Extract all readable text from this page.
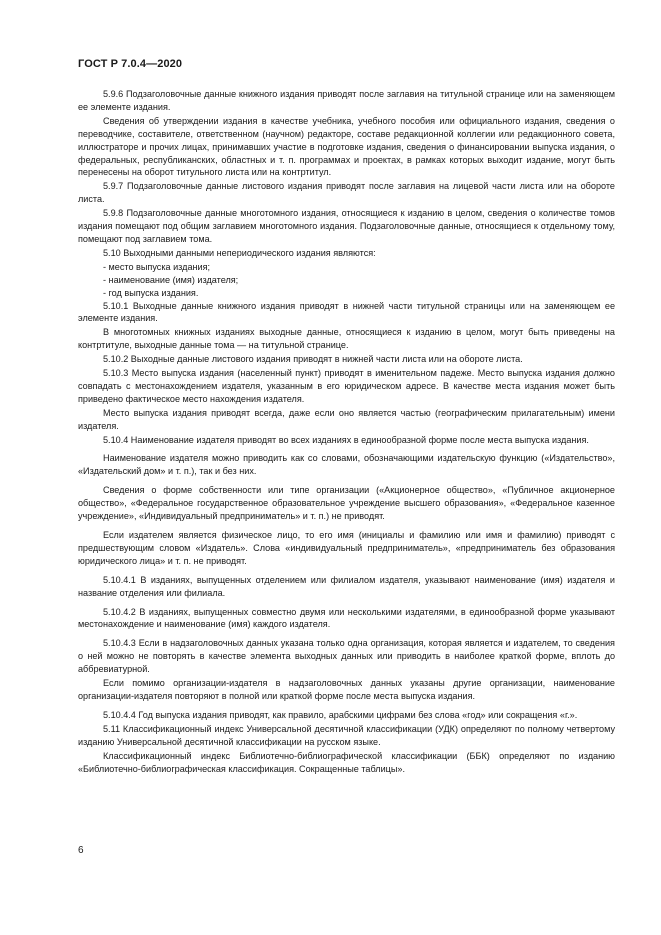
ГОСТ Р 7.0.4—2020

5.9.6 Подзаголовочные данные книжного издания приводят после заглавия на титульной странице или на заменяющем ее элементе издания.

Сведения об утверждении издания в качестве учебника, учебного пособия или официального издания, сведения о переводчике, составителе, ответственном (научном) редакторе, составе редакционной коллегии или редакционного совета, иллюстраторе и прочих лицах, принимавших участие в подготовке издания, сведения о финансировании выпуска издания, о федеральных, республиканских, областных и т. п. программах и проектах, в рамках которых выходит издание, могут быть перенесены на оборот титульного листа или на контртитул.

5.9.7 Подзаголовочные данные листового издания приводят после заглавия на лицевой части листа или на обороте листа.

5.9.8 Подзаголовочные данные многотомного издания, относящиеся к изданию в целом, сведения о количестве томов издания помещают под общим заглавием многотомного издания. Подзаголовочные данные, относящиеся к отдельному тому, помещают под заглавием тома.

5.10 Выходными данными непериодического издания являются:

- место выпуска издания;

- наименование (имя) издателя;

- год выпуска издания.

5.10.1 Выходные данные книжного издания приводят в нижней части титульной страницы или на заменяющем ее элементе издания.

В многотомных книжных изданиях выходные данные, относящиеся к изданию в целом, могут быть приведены на контртитуле, выходные данные тома — на титульной странице.

5.10.2 Выходные данные листового издания приводят в нижней части листа или на обороте листа.

5.10.3 Место выпуска издания (населенный пункт) приводят в именительном падеже. Место выпуска издания должно совпадать с местонахождением издателя, указанным в его юридическом адресе. В качестве места издания может быть приведено фактическое место нахождения издателя.

Место выпуска издания приводят всегда, даже если оно является частью (географическим прилагательным) имени издателя.

5.10.4 Наименование издателя приводят во всех изданиях в единообразной форме после места выпуска издания.

Наименование издателя можно приводить как со словами, обозначающими издательскую функцию («Издательство», «Издательский дом» и т. п.), так и без них.

Сведения о форме собственности или типе организации («Акционерное общество», «Публичное акционерное общество», «Федеральное государственное образовательное учреждение высшего образования», «Федеральное казенное учреждение», «Индивидуальный предприниматель» и т. п.) не приводят.

Если издателем является физическое лицо, то его имя (инициалы и фамилию или имя и фамилию) приводят с предшествующим словом «Издатель». Слова «индивидуальный предприниматель», «предприниматель без образования юридического лица» и т. п. не приводят.

5.10.4.1 В изданиях, выпущенных отделением или филиалом издателя, указывают наименование (имя) издателя и название отделения или филиала.

5.10.4.2 В изданиях, выпущенных совместно двумя или несколькими издателями, в единообразной форме указывают местонахождение и наименование (имя) каждого издателя.

5.10.4.3 Если в надзаголовочных данных указана только одна организация, которая является и издателем, то сведения о ней можно не повторять в качестве элемента выходных данных или приводить в наиболее краткой форме, вплоть до аббревиатурной.

Если помимо организации-издателя в надзаголовочных данных указаны другие организации, наименование организации-издателя повторяют в полной или краткой форме после места выпуска издания.

5.10.4.4 Год выпуска издания приводят, как правило, арабскими цифрами без слова «год» или сокращения «г.».

5.11 Классификационный индекс Универсальной десятичной классификации (УДК) определяют по полному четвертому изданию Универсальной десятичной классификации на русском языке.

Классификационный индекс Библиотечно-библиографической классификации (ББК) определяют по изданию «Библиотечно-библиографическая классификация. Сокращенные таблицы».

6
